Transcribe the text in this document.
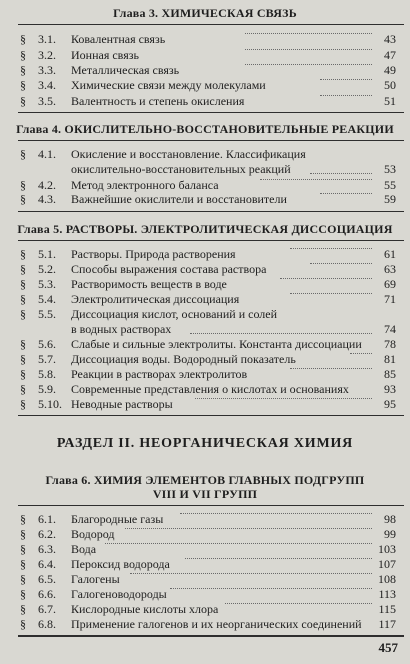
Глава 3. ХИМИЧЕСКАЯ СВЯЗЬ
§ 3.1. Ковалентная связь	43
§ 3.2. Ионная связь	47
§ 3.3. Металлическая связь	49
§ 3.4. Химические связи между молекулами	50
§ 3.5. Валентность и степень окисления	51
Глава 4. ОКИСЛИТЕЛЬНО-ВОССТАНОВИТЕЛЬНЫЕ РЕАКЦИИ
§ 4.1. Окисление и восстановление. Классификация
окислительно-восстановительных реакций	53
§ 4.2. Метод электронного баланса	55
§ 4.3. Важнейшие окислители и восстановители	59
Глава 5. РАСТВОРЫ. ЭЛЕКТРОЛИТИЧЕСКАЯ ДИССОЦИАЦИЯ
§ 5.1. Растворы. Природа растворения	61
§ 5.2. Способы выражения состава раствора	63
§ 5.3. Растворимость веществ в воде	69
§ 5.4. Электролитическая диссоциация	71
§ 5.5. Диссоциация кислот, оснований и солей
в водных растворах	74
§ 5.6. Слабые и сильные электролиты. Константа диссоциации 78
§ 5.7. Диссоциация воды. Водородный показатель	81
§ 5.8. Реакции в растворах электролитов	85
§ 5.9. Современные представления о кислотах и основаниях	93
§ 5.10. Неводные растворы	95
РАЗДЕЛ II. НЕОРГАНИЧЕСКАЯ ХИМИЯ
Глава 6. ХИМИЯ ЭЛЕМЕНТОВ ГЛАВНЫХ ПОДГРУПП
VIII И VII ГРУПП
§ 6.1. Благородные газы	98
§ 6.2. Водород	99
§ 6.3. Вода	103
§ 6.4. Пероксид водорода	107
§ 6.5. Галогены	108
§ 6.6. Галогеноводороды	113
§ 6.7. Кислородные кислоты хлора	115
§ 6.8. Применение галогенов и их неорганических соединений 117
457
